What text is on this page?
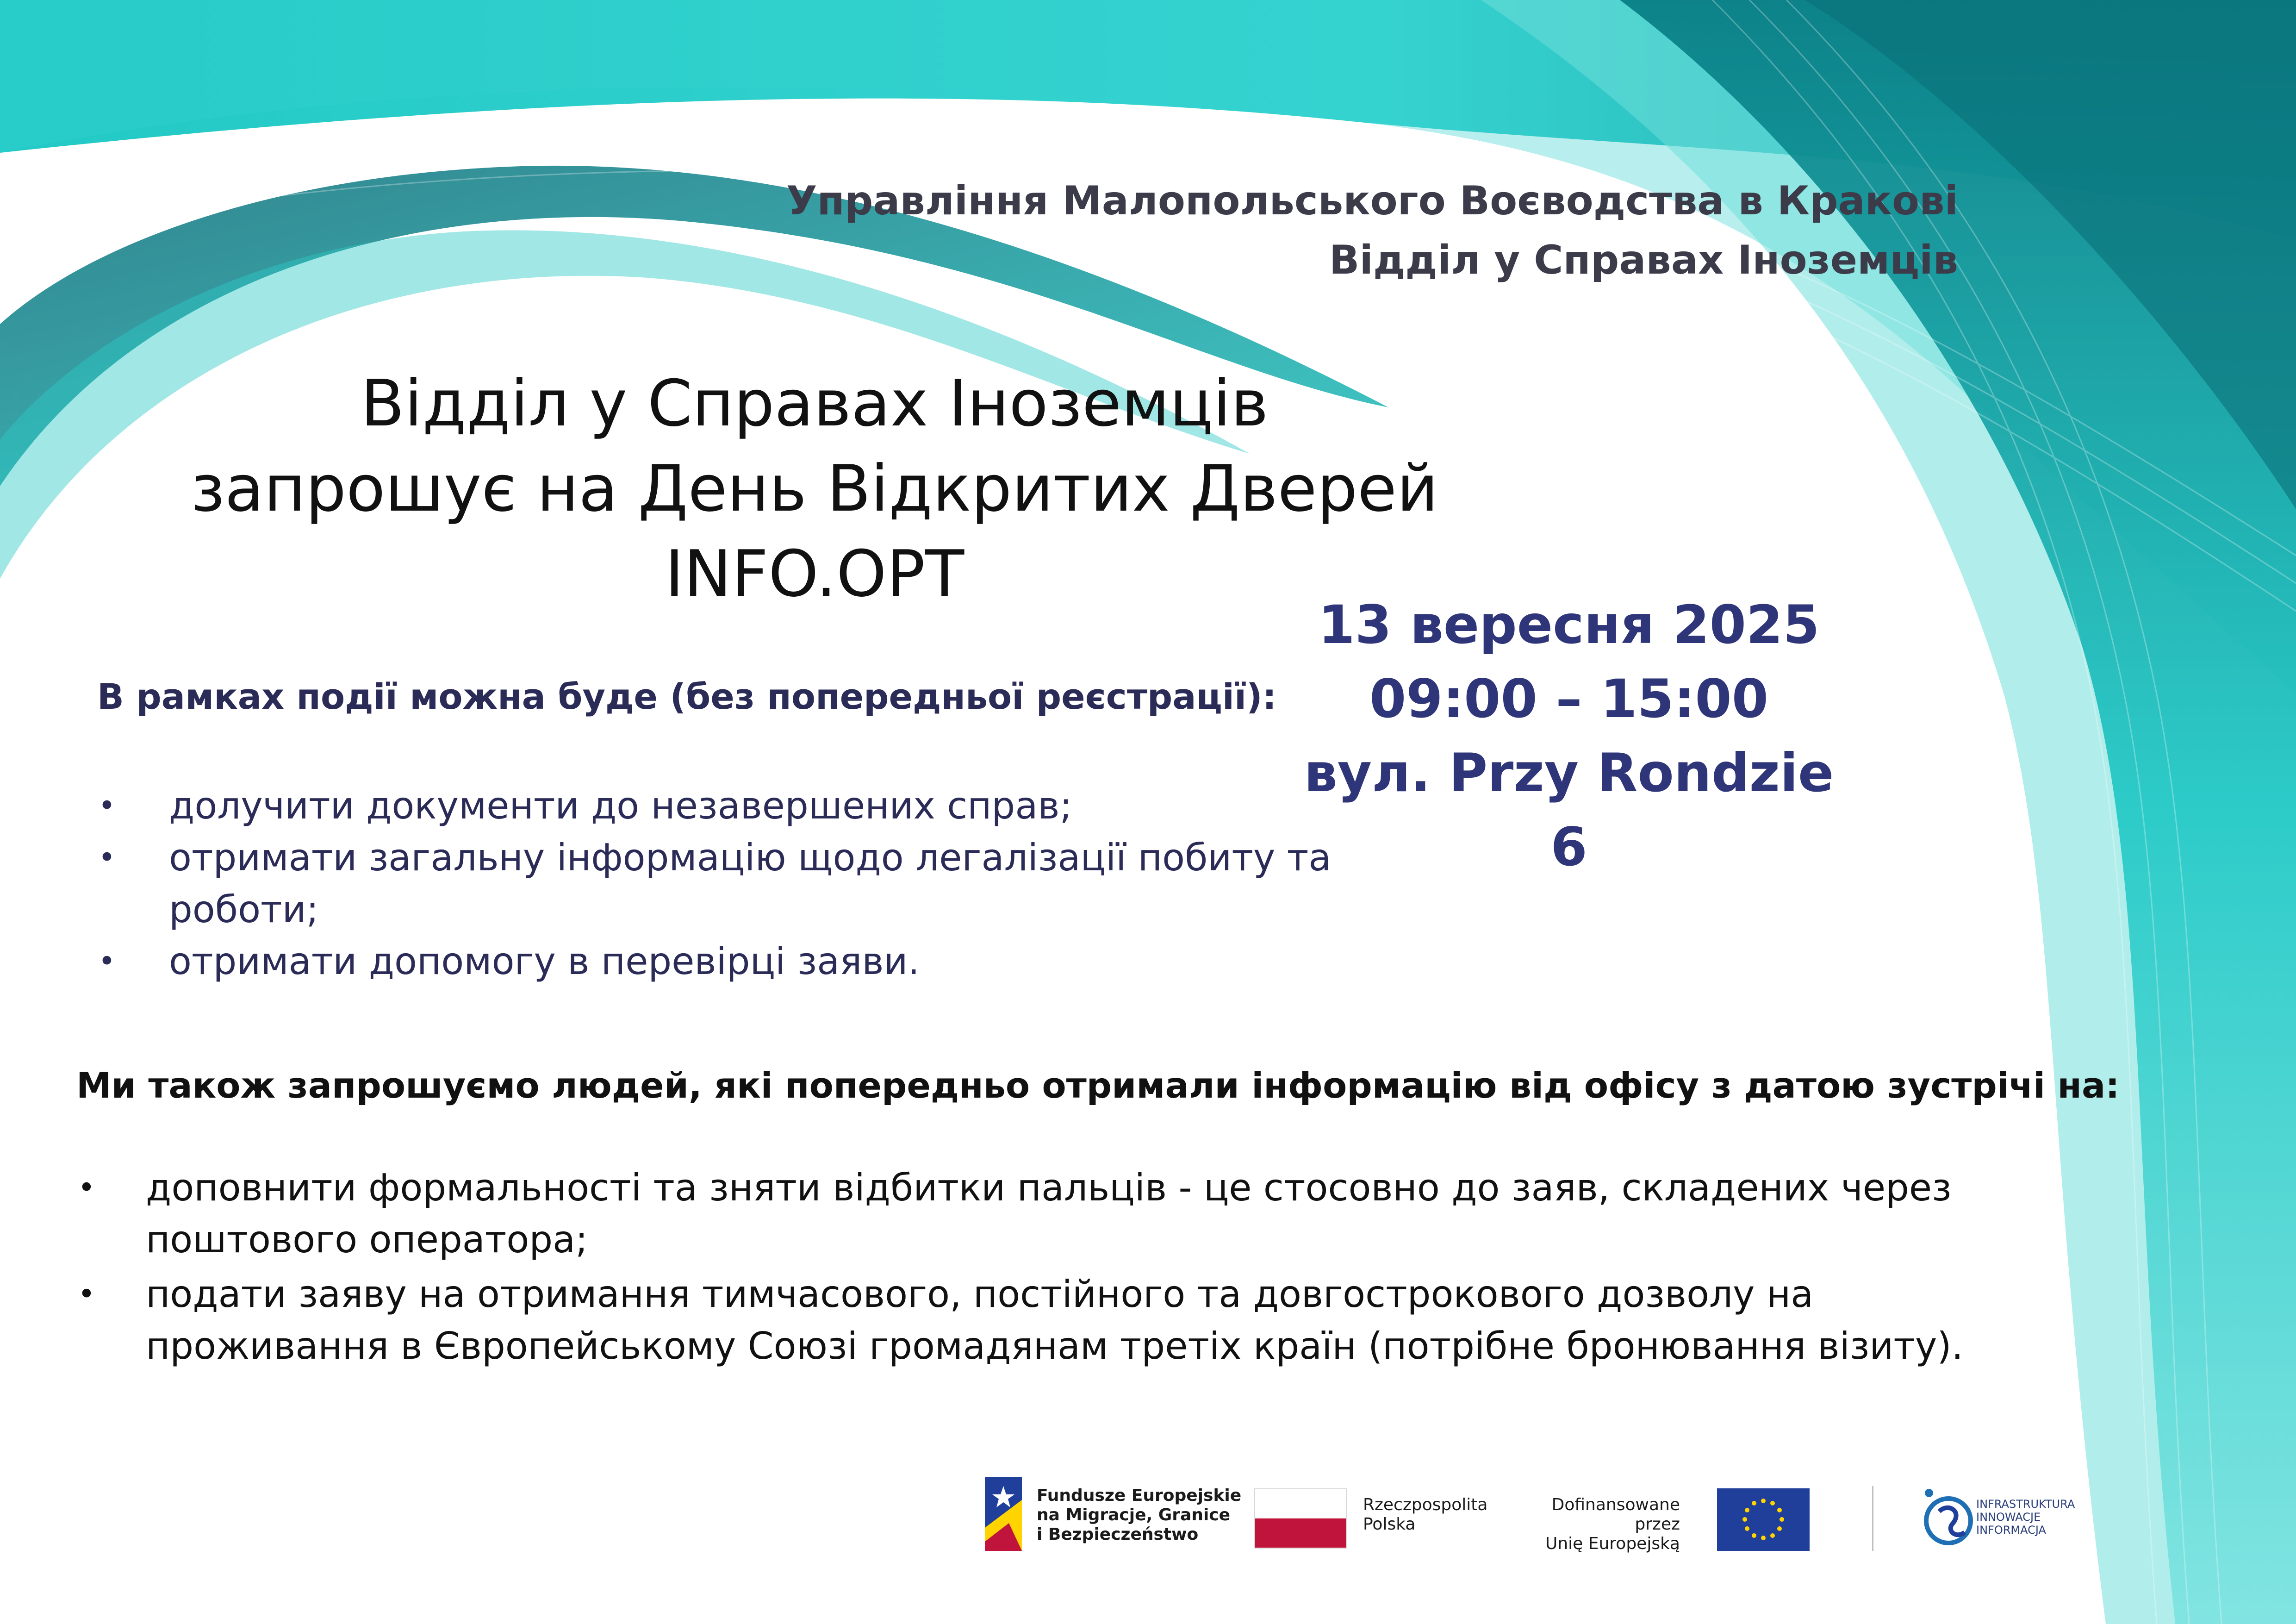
Управління Малопольського Воєводства в Кракові
Відділ у Справах Іноземців
Відділ у Справах Іноземців
запрошує на День Відкритих Дверей
INFO.OPT
13 вересня 2025
09:00 – 15:00
вул. Przy Rondzie 6
В рамках події можна буде (без попередньої реєстрації):
• долучити документи до незавершених справ;
• отримати загальну інформацію щодо легалізації побиту та роботи;
• отримати допомогу в перевірці заяви.
Ми також запрошуємо людей, які попередньо отримали інформацію від офісу з датою зустрічі на:
• доповнити формальності та зняти відбитки пальців - це стосовно до заяв, складених через поштового оператора;
• подати заяву на отримання тимчасового, постійного та довгострокового дозволу на проживання в Європейському Союзі громадянам третіх країн (потрібне бронювання візиту).
Fundusze Europejskie
na Migracje, Granice
i Bezpieczeństwo
Rzeczpospolita
Polska
Dofinansowane przez
Unię Europejską
INFRASTRUKTURA
INNOWACJE
INFORMACJA
